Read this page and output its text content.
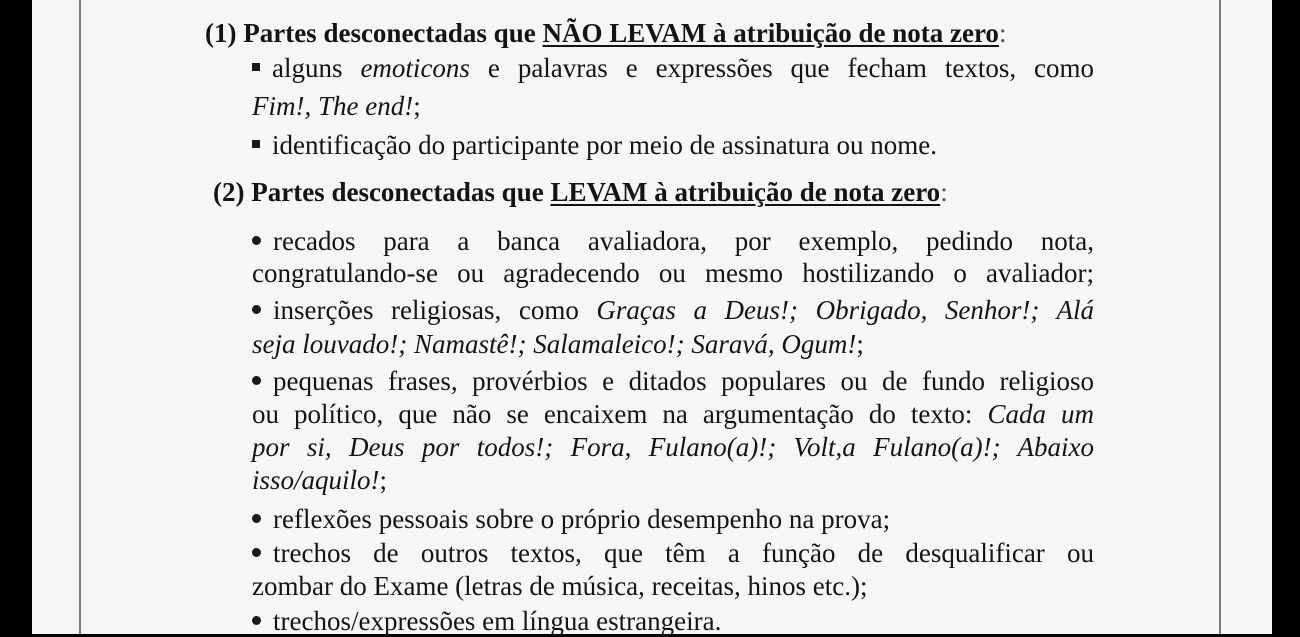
(1) Partes desconectadas que NÃO LEVAM à atribuição de nota zero:

alguns emoticons e palavras e expressões que fecham textos, como

Fim!, The end!;

identificação do participante por meio de assinatura ou nome.

(2) Partes desconectadas que LEVAM à atribuição de nota zero:

recados para a banca avaliadora, por exemplo, pedindo nota,

congratulando-se ou agradecendo ou mesmo hostilizando o avaliador;

inserções religiosas, como Graças a Deus!; Obrigado, Senhor!; Alá

seja louvado!; Namastê!; Salamaleico!; Saravá, Ogum!;

pequenas frases, provérbios e ditados populares ou de fundo religioso

ou político, que não se encaixem na argumentação do texto: Cada um

por si, Deus por todos!; Fora, Fulano(a)!; Volt,a Fulano(a)!; Abaixo

isso/aquilo!;

reflexões pessoais sobre o próprio desempenho na prova;

trechos de outros textos, que têm a função de desqualificar ou

zombar do Exame (letras de música, receitas, hinos etc.);

trechos/expressões em língua estrangeira.
